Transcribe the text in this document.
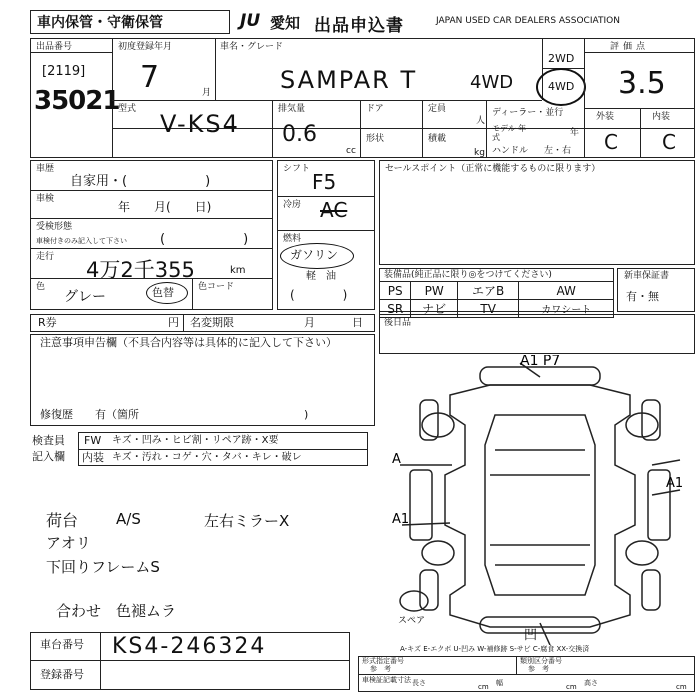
車内保管・守衛保管	JU 愛知 出品申込書	JAPAN USED CAR DEALERS ASSOCIATION
出品番号
[2119]
35021
初度登録年月
7	月
車名・グレード
SAMPAR T	4WD
2WD
4WD
評価点
3.5
外装	内装
C C
型式
V-KS4
排気量
0.6
cc
ドア	定員
人
形状	積載
kg
ディーラー・並行
モデル 年式	年
ハンドル 左・右
車歴
自家用・(　　　　　　)
車検
年　　月(　　日)
受検形態
車検付きのみ記入して下さい	(　　　　　　)
走行
4万2千355	km
色
グレー	色替	色コード
シフト
F5
冷房 AC
燃料
ガソリン
軽　油
(　　　　)
セールスポイント（正常に機能するものに限ります）
装備品(純正品に限り◎をつけてください)
PS	PW	エアB	AW
SR	ナビ	TV	カワシート
新車保証書
有・無
R券	円 名変期限	月	日 後日品
注意事項申告欄（不具合内容等は具体的に記入して下さい）
修復歴　　有（箇所	)
検査員
記入欄
FW キズ・凹み・ヒビ割・リペア跡・X要
内装 キズ・汚れ・コゲ・穴・タバ・キレ・破レ
荷台	A/S	左右ミラーX
アオリ
下回りフレームS
合わせ　色褪ムラ
A1 P7
A
A1
A1
スペア
凹
A-キズ E-エクボ U-凹み W-補修跡 S-サビ C-腐食 XX-交換済
車台番号 KS4-246324
登録番号
形式指定番号
参　考
類別区分番号
参　考
車検証記載寸法 長さ	cm 幅	cm 高さ	cm
